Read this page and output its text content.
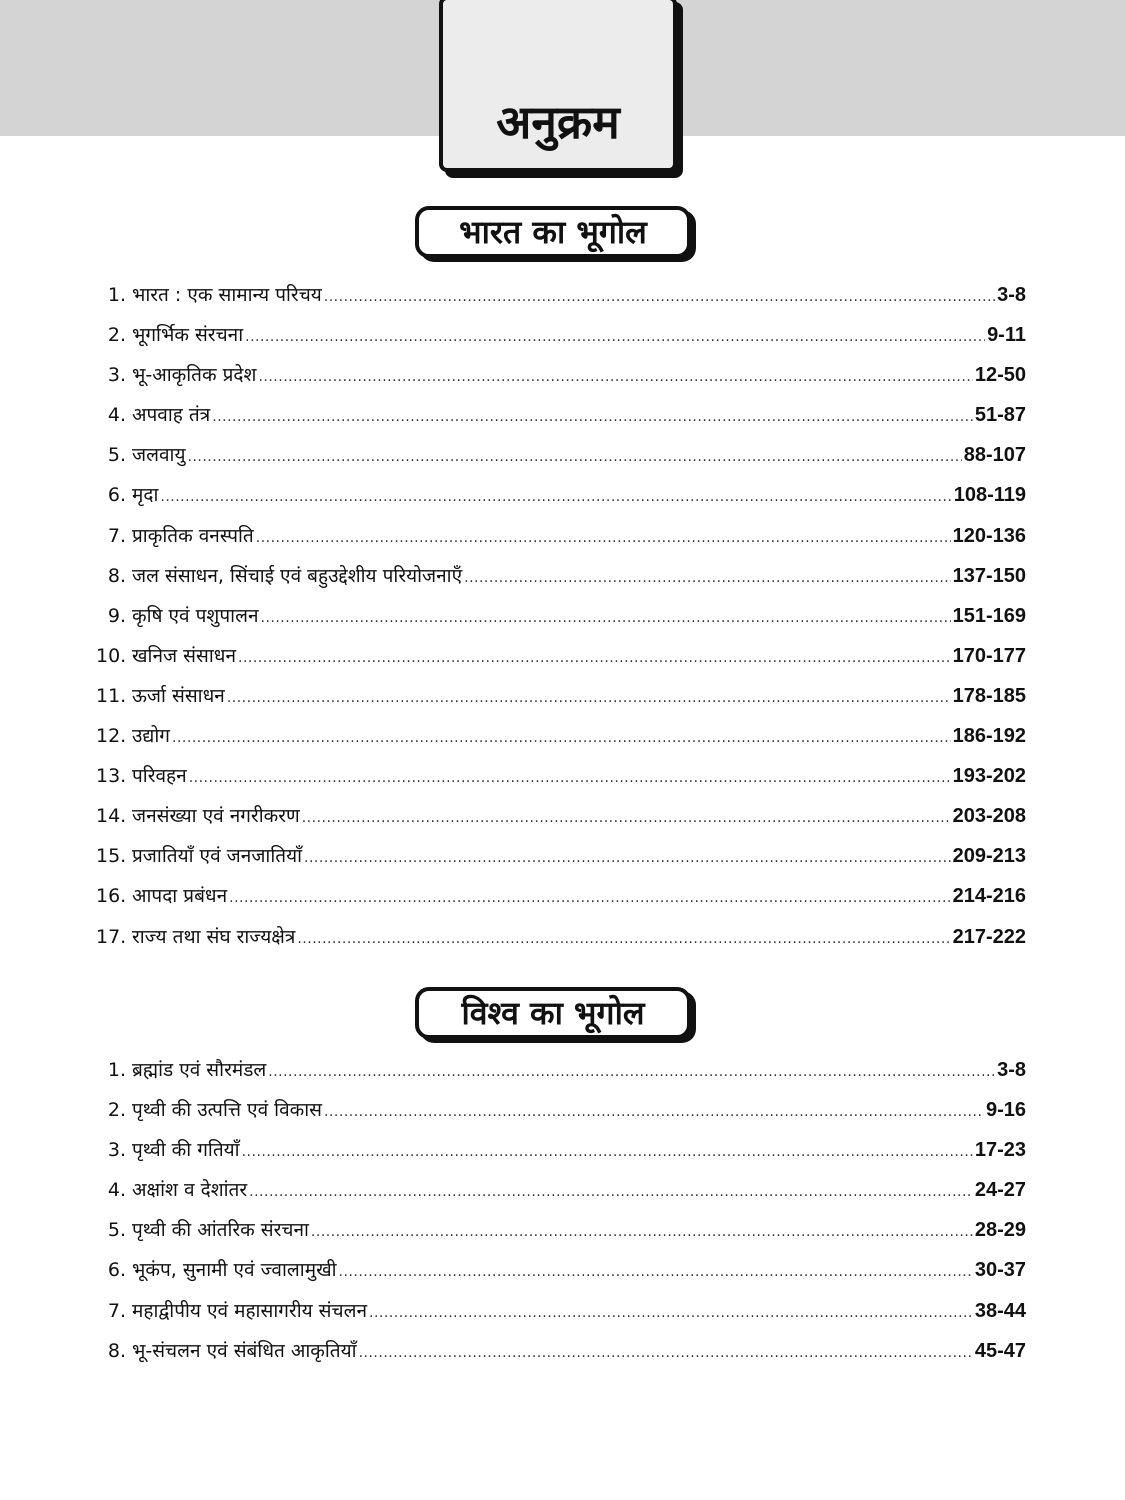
अनुक्रम
भारत का भूगोल
1. भारत : एक सामान्य परिचय .....	3-8
2. भूगर्भिक संरचना .....	9-11
3. भू-आकृतिक प्रदेश .....	12-50
4. अपवाह तंत्र .....	51-87
5. जलवायु .....	88-107
6. मृदा .....	108-119
7. प्राकृतिक वनस्पति .....	120-136
8. जल संसाधन, सिंचाई एवं बहुउद्देशीय परियोजनाएँ .....	137-150
9. कृषि एवं पशुपालन .....	151-169
10. खनिज संसाधन .....	170-177
11. ऊर्जा संसाधन .....	178-185
12. उद्योग .....	186-192
13. परिवहन .....	193-202
14. जनसंख्या एवं नगरीकरण .....	203-208
15. प्रजातियाँ एवं जनजातियाँ .....	209-213
16. आपदा प्रबंधन .....	214-216
17. राज्य तथा संघ राज्यक्षेत्र .....	217-222
विश्व का भूगोल
1. ब्रह्मांड एवं सौरमंडल .....	3-8
2. पृथ्वी की उत्पत्ति एवं विकास .....	9-16
3. पृथ्वी की गतियाँ .....	17-23
4. अक्षांश व देशांतर .....	24-27
5. पृथ्वी की आंतरिक संरचना .....	28-29
6. भूकंप, सुनामी एवं ज्वालामुखी .....	30-37
7. महाद्वीपीय एवं महासागरीय संचलन .....	38-44
8. भू-संचलन एवं संबंधित आकृतियाँ .....	45-47
